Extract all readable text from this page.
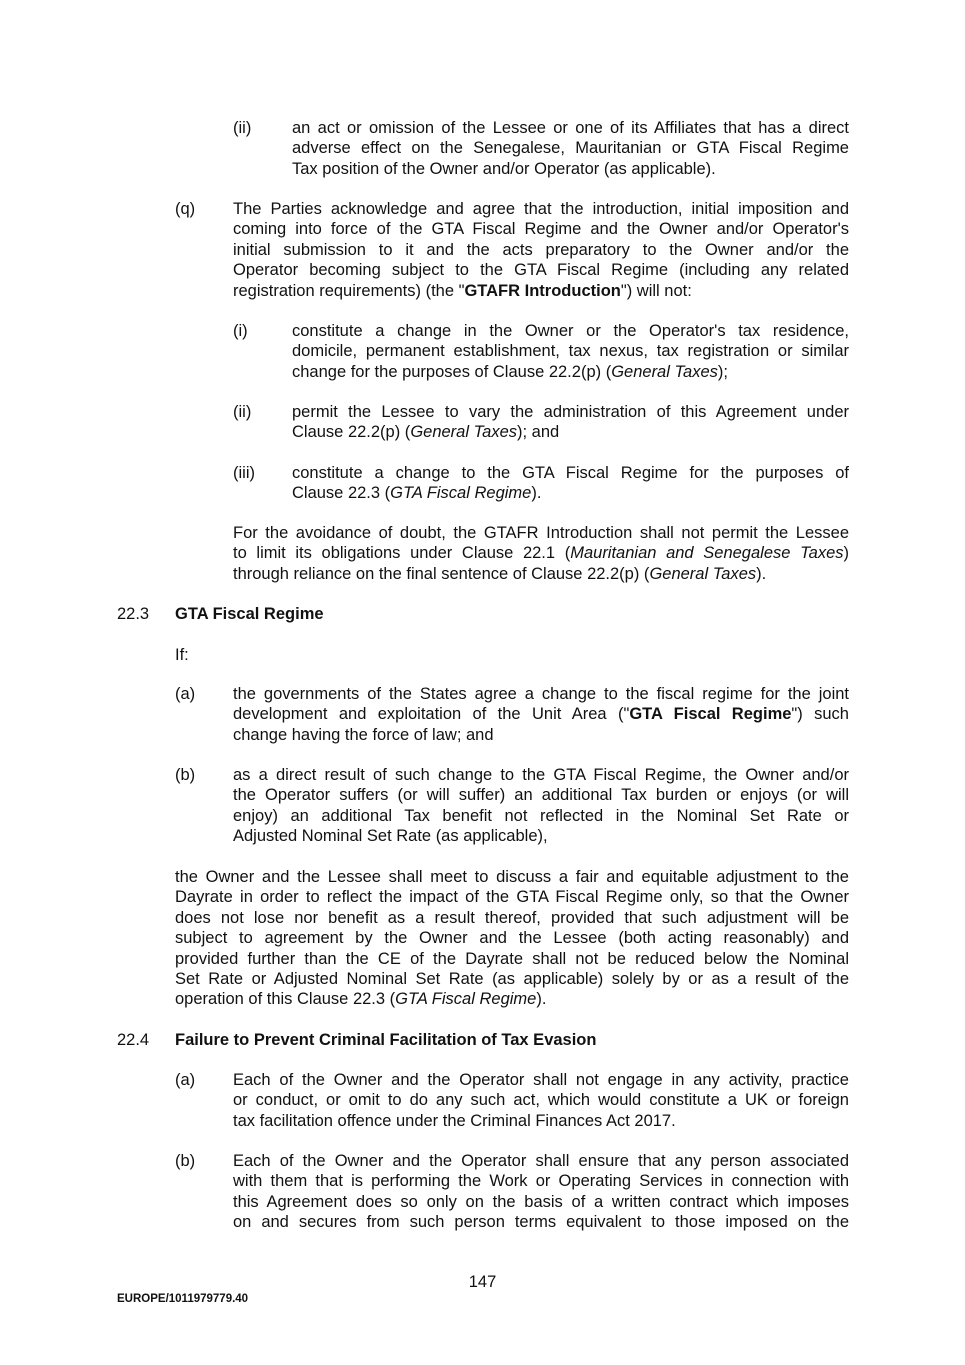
(ii) an act or omission of the Lessee or one of its Affiliates that has a direct
adverse effect on the Senegalese, Mauritanian or GTA Fiscal Regime
Tax position of the Owner and/or Operator (as applicable).
(q) The Parties acknowledge and agree that the introduction, initial imposition and
coming into force of the GTA Fiscal Regime and the Owner and/or Operator's
initial submission to it and the acts preparatory to the Owner and/or the
Operator becoming subject to the GTA Fiscal Regime (including any related
registration requirements) (the "GTAFR Introduction") will not:
(i)	constitute a change in the Owner or the Operator's tax residence,
domicile, permanent establishment, tax nexus, tax registration or similar
change for the purposes of Clause 22.2(p) (General Taxes);
(ii) permit the Lessee to vary the administration of this Agreement under
Clause 22.2(p) (General Taxes); and
(iii) constitute a change to the GTA Fiscal Regime for the purposes of
Clause 22.3 (GTA Fiscal Regime).
For the avoidance of doubt, the GTAFR Introduction shall not permit the Lessee
to limit its obligations under Clause 22.1 (Mauritanian and Senegalese Taxes)
through reliance on the final sentence of Clause 22.2(p) (General Taxes).
22.3 GTA Fiscal Regime
If:
(a) the governments of the States agree a change to the fiscal regime for the joint
development and exploitation of the Unit Area ("GTA Fiscal Regime") such
change having the force of law; and
(b) as a direct result of such change to the GTA Fiscal Regime, the Owner and/or
the Operator suffers (or will suffer) an additional Tax burden or enjoys (or will
enjoy) an additional Tax benefit not reflected in the Nominal Set Rate or
Adjusted Nominal Set Rate (as applicable),
the Owner and the Lessee shall meet to discuss a fair and equitable adjustment to the
Dayrate in order to reflect the impact of the GTA Fiscal Regime only, so that the Owner
does not lose nor benefit as a result thereof, provided that such adjustment will be
subject to agreement by the Owner and the Lessee (both acting reasonably) and
provided further than the CE of the Dayrate shall not be reduced below the Nominal
Set Rate or Adjusted Nominal Set Rate (as applicable) solely by or as a result of the
operation of this Clause 22.3 (GTA Fiscal Regime).
22.4 Failure to Prevent Criminal Facilitation of Tax Evasion
(a) Each of the Owner and the Operator shall not engage in any activity, practice
or conduct, or omit to do any such act, which would constitute a UK or foreign
tax facilitation offence under the Criminal Finances Act 2017.
(b) Each of the Owner and the Operator shall ensure that any person associated
with them that is performing the Work or Operating Services in connection with
this Agreement does so only on the basis of a written contract which imposes
on and secures from such person terms equivalent to those imposed on the
147
EUROPE/1011979779.40
